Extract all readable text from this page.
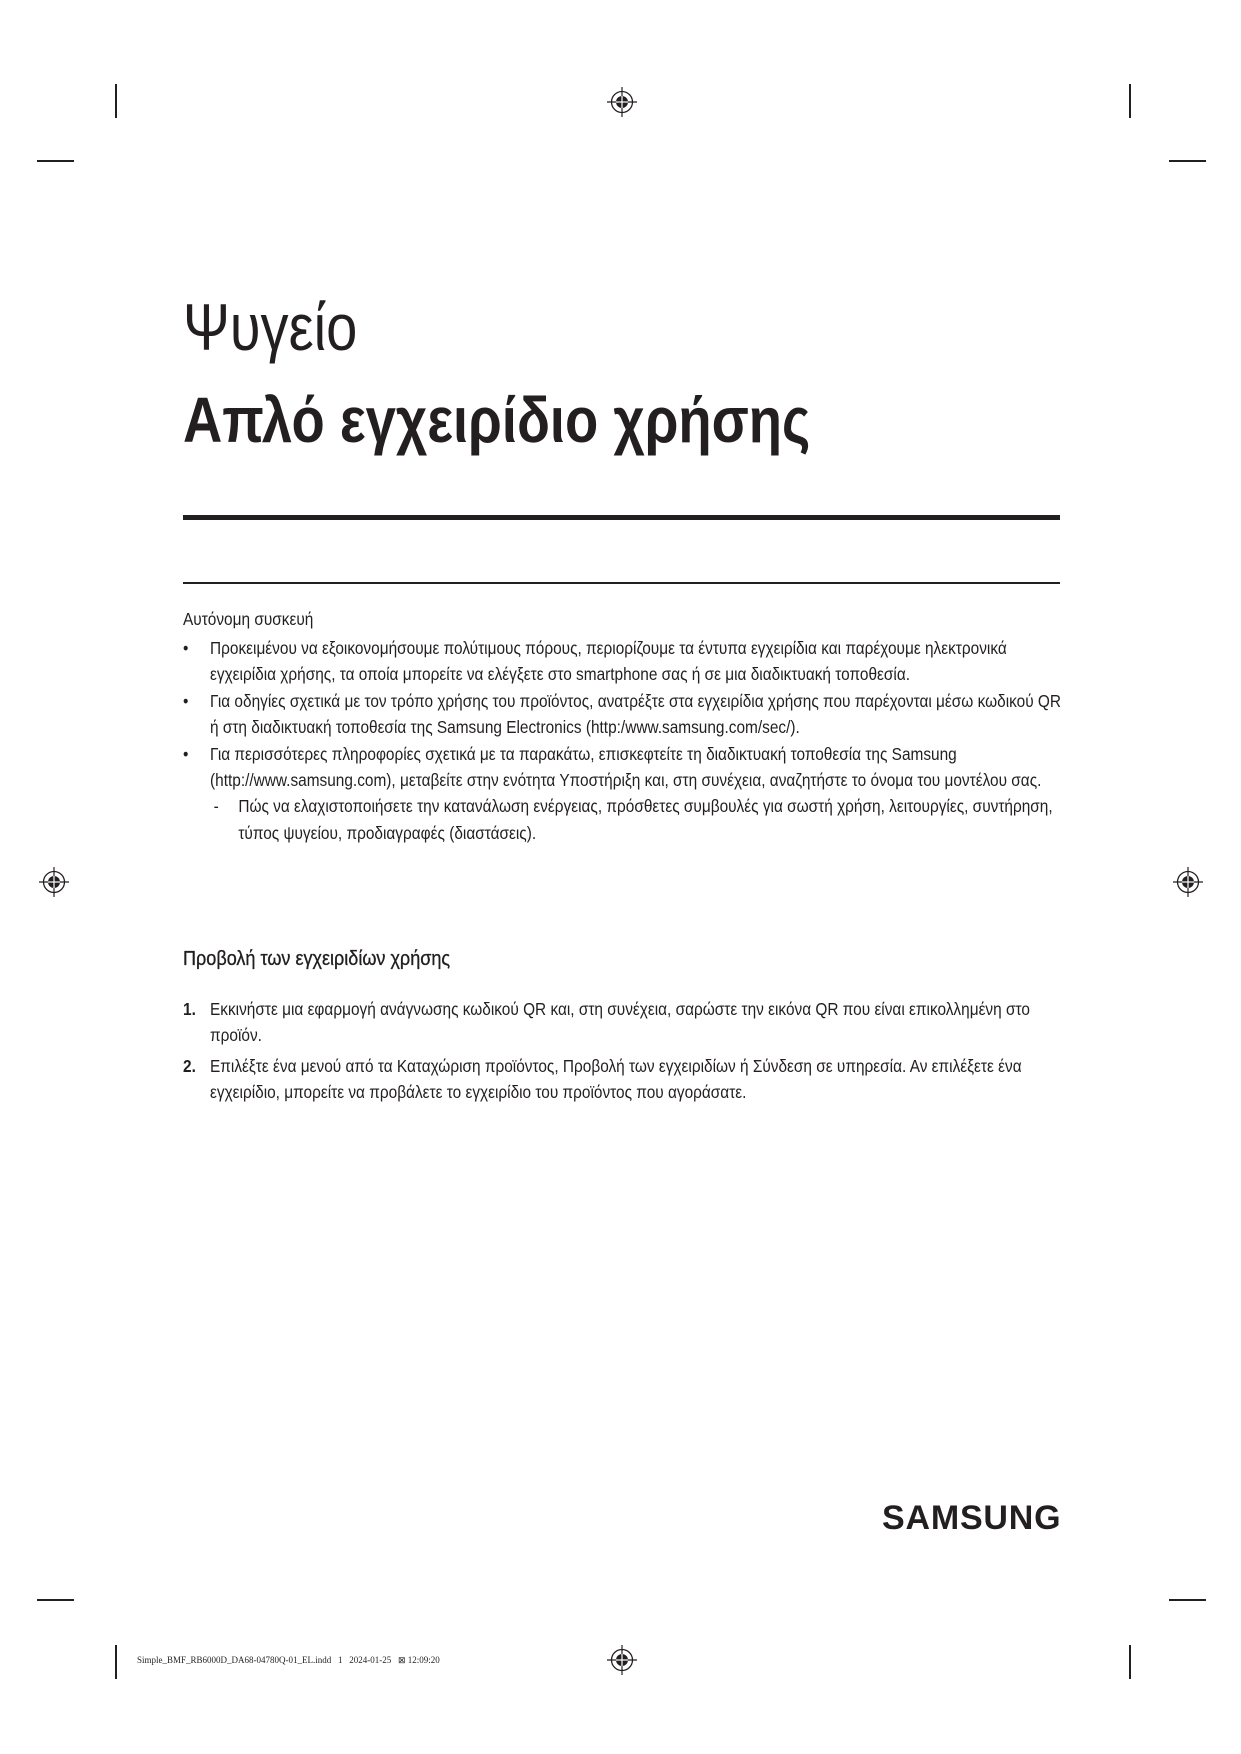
Ψυγείο
Απλό εγχειρίδιο χρήσης
Αυτόνομη συσκευή
• Προκειμένου να εξοικονομήσουμε πολύτιμους πόρους, περιορίζουμε τα έντυπα εγχειρίδια και παρέχουμε ηλεκτρονικά εγχειρίδια χρήσης, τα οποία μπορείτε να ελέγξετε στο smartphone σας ή σε μια διαδικτυακή τοποθεσία.
• Για οδηγίες σχετικά με τον τρόπο χρήσης του προϊόντος, ανατρέξτε στα εγχειρίδια χρήσης που παρέχονται μέσω κωδικού QR ή στη διαδικτυακή τοποθεσία της Samsung Electronics (http:/www.samsung.com/sec/).
• Για περισσότερες πληροφορίες σχετικά με τα παρακάτω, επισκεφτείτε τη διαδικτυακή τοποθεσία της Samsung (http://www.samsung.com), μεταβείτε στην ενότητα Υποστήριξη και, στη συνέχεια, αναζητήστε το όνομα του μοντέλου σας.
- Πώς να ελαχιστοποιήσετε την κατανάλωση ενέργειας, πρόσθετες συμβουλές για σωστή χρήση, λειτουργίες, συντήρηση, τύπος ψυγείου, προδιαγραφές (διαστάσεις).
Προβολή των εγχειριδίων χρήσης
1. Εκκινήστε μια εφαρμογή ανάγνωσης κωδικού QR και, στη συνέχεια, σαρώστε την εικόνα QR που είναι επικολλημένη στο προϊόν.
2. Επιλέξτε ένα μενού από τα Καταχώριση προϊόντος, Προβολή των εγχειριδίων ή Σύνδεση σε υπηρεσία. Αν επιλέξετε ένα εγχειρίδιο, μπορείτε να προβάλετε το εγχειρίδιο του προϊόντος που αγοράσατε.
SAMSUNG
Simple_BMF_RB6000D_DA68-04780Q-01_EL.indd   1   2024-01-25   ⊠ 12:09:20
